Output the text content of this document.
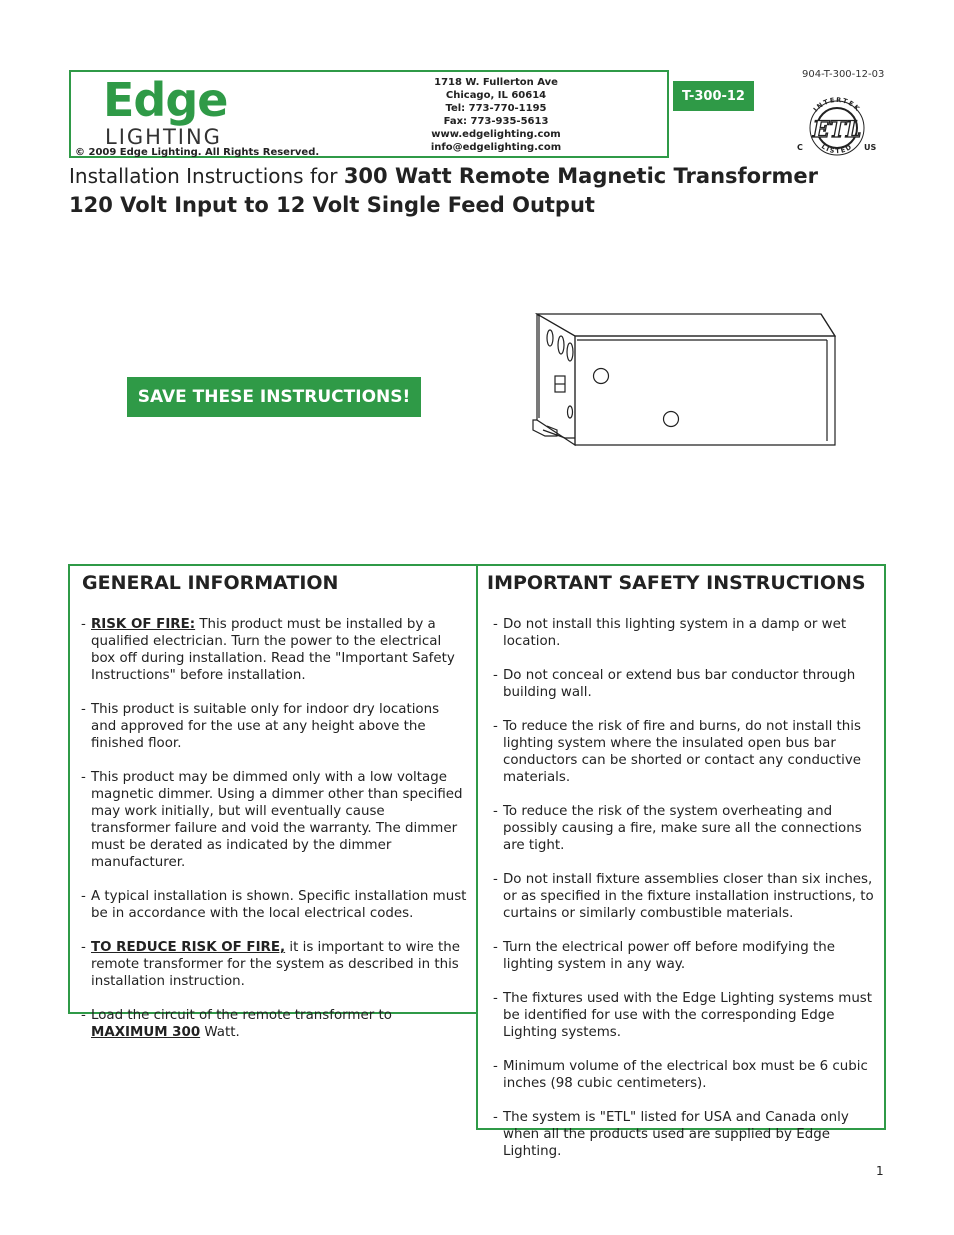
Edge
LIGHTING
© 2009 Edge Lighting. All Rights Reserved.
1718 W. Fullerton Ave
Chicago, IL 60614
Tel: 773-770-1195
Fax: 773-935-5613
www.edgelighting.com
info@edgelighting.com
T-300-12
904-T-300-12-03
INTERTEK
LISTED
ETL
C	US
Installation Instructions for 300 Watt Remote Magnetic Transformer
120 Volt Input to 12 Volt Single Feed Output
SAVE THESE INSTRUCTIONS!
GENERAL INFORMATION
- RISK OF FIRE: This product must be installed by a qualified electrician. Turn the power to the electrical box off during installation. Read the "Important Safety Instructions" before installation.
- This product is suitable only for indoor dry locations and approved for the use at any height above the finished floor.
- This product may be dimmed only with a low voltage magnetic dimmer. Using a dimmer other than specified may work initially, but will eventually cause transformer failure and void the warranty. The dimmer must be derated as indicated by the dimmer manufacturer.
- A typical installation is shown. Specific installation must be in accordance with the local electrical codes.
- TO REDUCE RISK OF FIRE, it is important to wire the remote transformer for the system as described in this installation instruction.
- Load the circuit of the remote transformer to MAXIMUM 300 Watt.
IMPORTANT SAFETY INSTRUCTIONS
- Do not install this lighting system in a damp or wet location.
- Do not conceal or extend bus bar conductor through building wall.
- To reduce the risk of fire and burns, do not install this lighting system where the insulated open bus bar conductors can be shorted or contact any conductive materials.
- To reduce the risk of the system overheating and possibly causing a fire, make sure all the connections are tight.
- Do not install fixture assemblies closer than six inches, or as specified in the fixture installation instructions, to curtains or similarly combustible materials.
- Turn the electrical power off before modifying the lighting system in any way.
- The fixtures used with the Edge Lighting systems must be identified for use with the corresponding Edge Lighting systems.
- Minimum volume of the electrical box must be 6 cubic inches (98 cubic centimeters).
- The system is "ETL" listed for USA and Canada only when all the products used are supplied by Edge Lighting.
1
